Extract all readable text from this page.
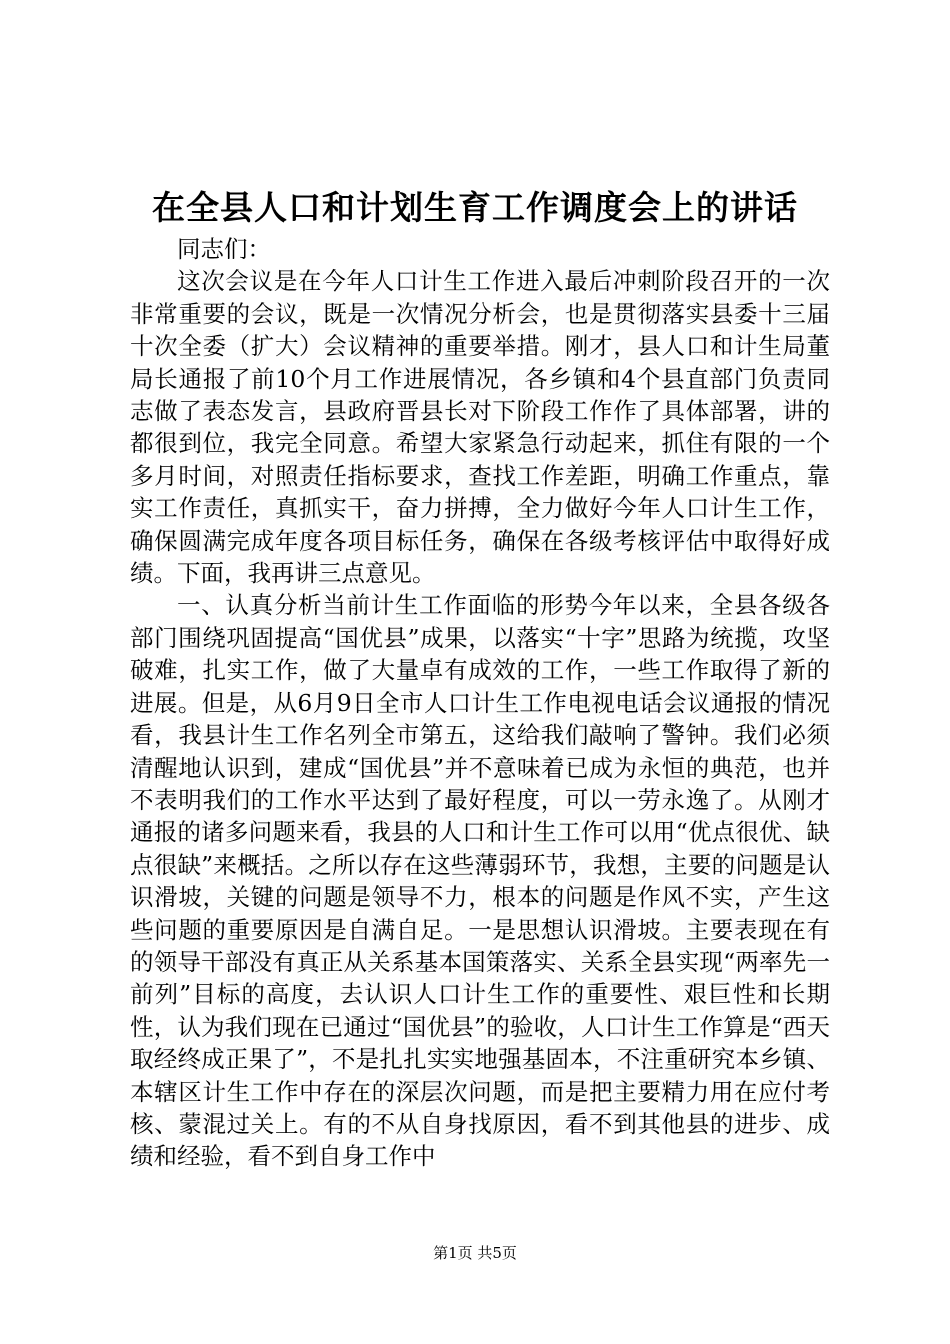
在全县人口和计划生育工作调度会上的讲话

同志们：

这次会议是在今年人口计生工作进入最后冲刺阶段召开的一次非常重要的会议，既是一次情况分析会，也是贯彻落实县委十三届十次全委（扩大）会议精神的重要举措。刚才，县人口和计生局董局长通报了前10个月工作进展情况，各乡镇和4个县直部门负责同志做了表态发言，县政府晋县长对下阶段工作作了具体部署，讲的都很到位，我完全同意。希望大家紧急行动起来，抓住有限的一个多月时间，对照责任指标要求，查找工作差距，明确工作重点，靠实工作责任，真抓实干，奋力拼搏，全力做好今年人口计生工作，确保圆满完成年度各项目标任务，确保在各级考核评估中取得好成绩。下面，我再讲三点意见。

一、认真分析当前计生工作面临的形势今年以来，全县各级各部门围绕巩固提高“国优县”成果，以落实“十字”思路为统揽，攻坚破难，扎实工作，做了大量卓有成效的工作，一些工作取得了新的进展。但是，从6月9日全市人口计生工作电视电话会议通报的情况看，我县计生工作名列全市第五，这给我们敲响了警钟。我们必须清醒地认识到，建成“国优县”并不意味着已成为永恒的典范，也并不表明我们的工作水平达到了最好程度，可以一劳永逸了。从刚才通报的诸多问题来看，我县的人口和计生工作可以用“优点很优、缺点很缺”来概括。之所以存在这些薄弱环节，我想，主要的问题是认识滑坡，关键的问题是领导不力，根本的问题是作风不实，产生这些问题的重要原因是自满自足。一是思想认识滑坡。主要表现在有的领导干部没有真正从关系基本国策落实、关系全县实现“两率先一前列”目标的高度，去认识人口计生工作的重要性、艰巨性和长期性，认为我们现在已通过“国优县”的验收，人口计生工作算是“西天取经终成正果了”，不是扎扎实实地强基固本，不注重研究本乡镇、本辖区计生工作中存在的深层次问题，而是把主要精力用在应付考核、蒙混过关上。有的不从自身找原因，看不到其他县的进步、成绩和经验，看不到自身工作中

第1页 共5页
